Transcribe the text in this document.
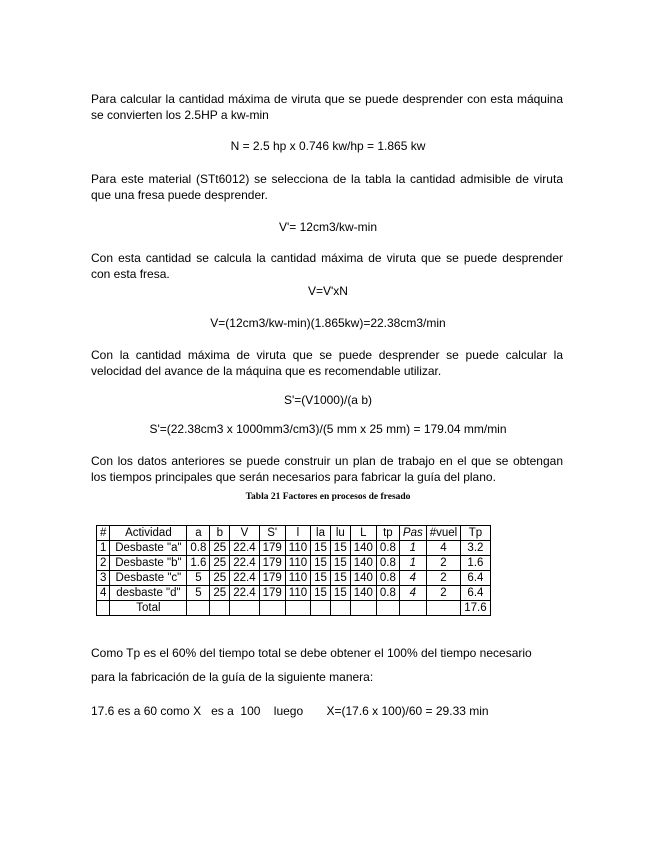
Para calcular la cantidad máxima de viruta que se puede desprender con esta máquina se convierten los 2.5HP a kw-min
N = 2.5 hp x 0.746 kw/hp = 1.865 kw
Para este material (STt6012) se selecciona de la tabla la cantidad admisible de viruta que una fresa puede desprender.
V'= 12cm3/kw-min
Con esta cantidad se calcula la cantidad máxima de viruta que se puede desprender con esta fresa.
V=V'xN
V=(12cm3/kw-min)(1.865kw)=22.38cm3/min
Con la cantidad máxima de viruta que se puede desprender se puede calcular la velocidad del avance de la máquina que es recomendable utilizar.
S'=(V1000)/(a b)
S'=(22.38cm3 x 1000mm3/cm3)/(5 mm x 25 mm) = 179.04 mm/min
Con los datos anteriores se puede construir un plan de trabajo en el que se obtengan los tiempos principales que serán necesarios para fabricar la guía del plano.
Tabla 21 Factores en procesos de fresado
#	Actividad	a	b	V	S'	l	la	lu	L	tp	Pas	#vuel	Tp
1	Desbaste "a"	0.8	25	22.4	179	110	15	15	140	0.8	1	4	3.2
2	Desbaste "b"	1.6	25	22.4	179	110	15	15	140	0.8	1	2	1.6
3	Desbaste "c"	5	25	22.4	179	110	15	15	140	0.8	4	2	6.4
4	desbaste "d"	5	25	22.4	179	110	15	15	140	0.8	4	2	6.4
	Total												17.6
Como Tp es el 60% del tiempo total se debe obtener el 100% del tiempo necesario
para la fabricación de la guía de la siguiente manera:
17.6 es a 60 como X   es a  100    luego       X=(17.6 x 100)/60 = 29.33 min
